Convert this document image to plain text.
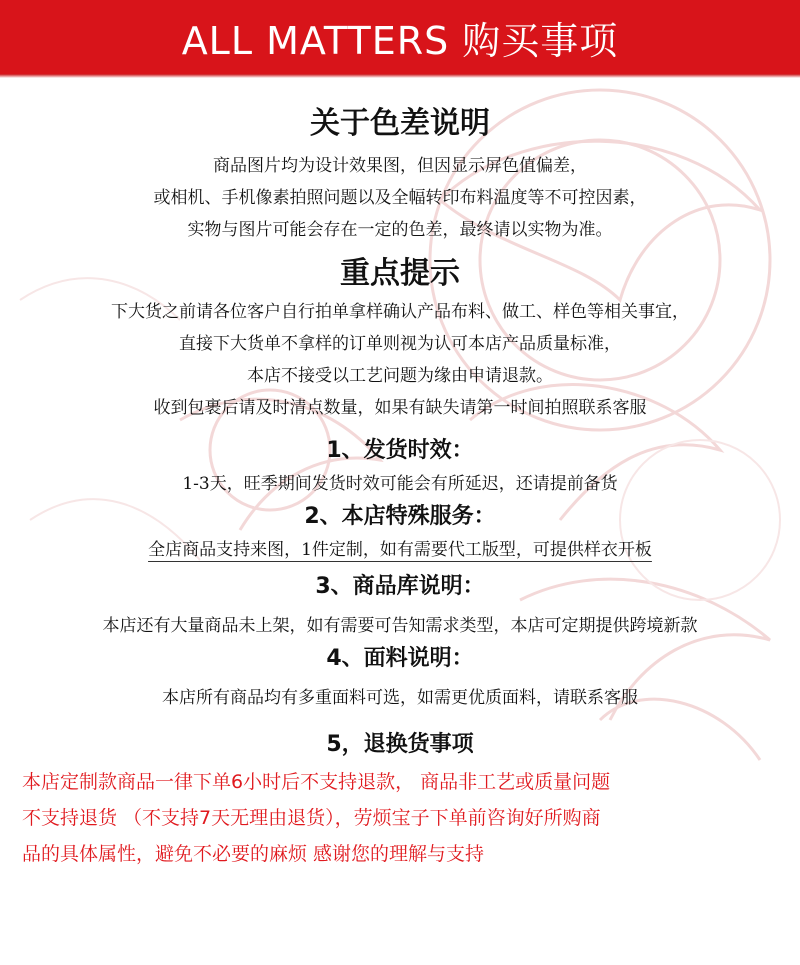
ALL MATTERS 购买事项
关于色差说明

商品图片均为设计效果图，但因显示屏色值偏差，

或相机、手机像素拍照问题以及全幅转印布料温度等不可控因素，

实物与图片可能会存在一定的色差，最终请以实物为准。

重点提示

下大货之前请各位客户自行拍单拿样确认产品布料、做工、样色等相关事宜，

直接下大货单不拿样的订单则视为认可本店产品质量标准，

本店不接受以工艺问题为缘由申请退款。

收到包裹后请及时清点数量，如果有缺失请第一时间拍照联系客服

1、发货时效：

1-3天，旺季期间发货时效可能会有所延迟，还请提前备货

2、本店特殊服务：

全店商品支持来图，1件定制，如有需要代工版型，可提供样衣开板

3、商品库说明：

本店还有大量商品未上架，如有需要可告知需求类型，本店可定期提供跨境新款

4、面料说明：

本店所有商品均有多重面料可选，如需更优质面料，请联系客服

5，退换货事项

本店定制款商品一律下单6小时后不支持退款， 商品非工艺或质量问题

不支持退货 （不支持7天无理由退货），劳烦宝子下单前咨询好所购商

品的具体属性，避免不必要的麻烦 感谢您的理解与支持
